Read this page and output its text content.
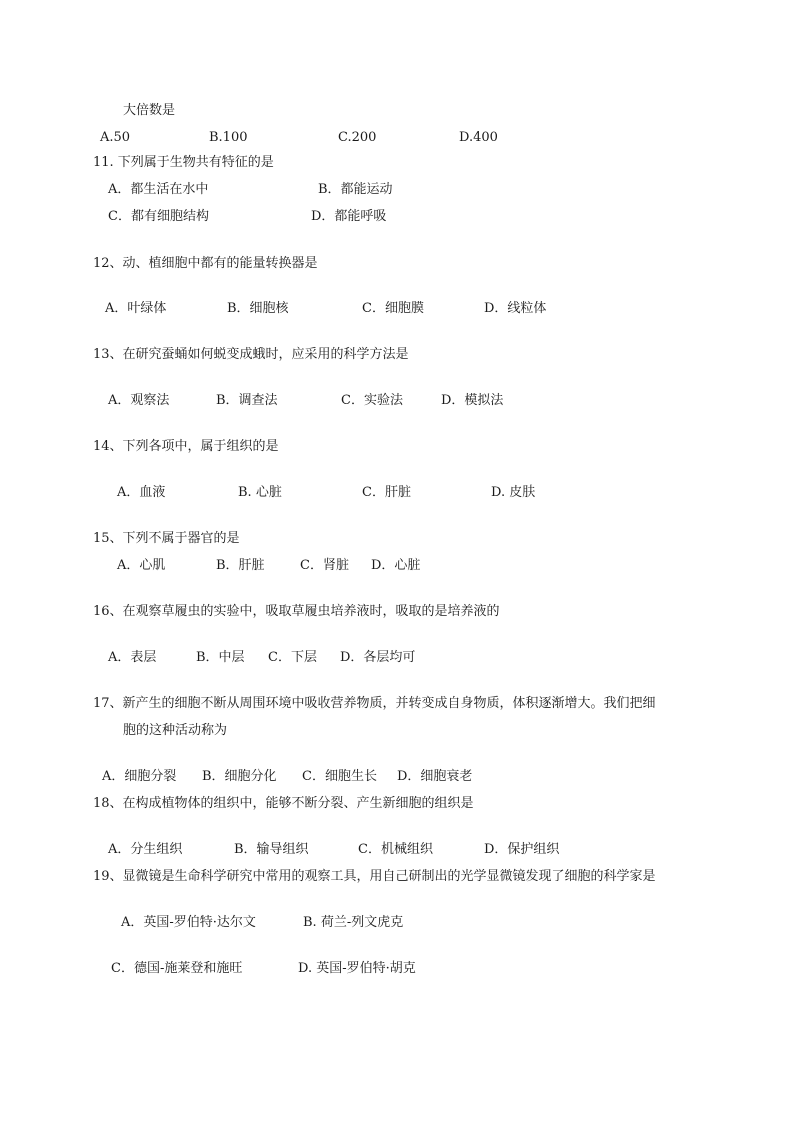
大倍数是
A.50	B.100	C.200	D.400
11. 下列属于生物共有特征的是
A．都生活在水中	B．都能运动
C．都有细胞结构	D．都能呼吸
12、动、植细胞中都有的能量转换器是
A．叶绿体	B．细胞核	C．细胞膜	D．线粒体
13、在研究蚕蛹如何蜕变成蛾时，应采用的科学方法是
A．观察法	B．调查法	C．实验法	D．模拟法
14、下列各项中，属于组织的是
A．血液	B. 心脏	C．肝脏	D. 皮肤
15、下列不属于器官的是
A．心肌	B．肝脏	C．肾脏 D．心脏
16、在观察草履虫的实验中，吸取草履虫培养液时，吸取的是培养液的
A．表层	B．中层 C．下层 D．各层均可
17、新产生的细胞不断从周围环境中吸收营养物质，并转变成自身物质，体积逐渐增大。我们把细
胞的这种活动称为
A．细胞分裂 B．细胞分化 C．细胞生长 D．细胞衰老
18、在构成植物体的组织中，能够不断分裂、产生新细胞的组织是
A．分生组织	B．输导组织	C．机械组织	D．保护组织
19、显微镜是生命科学研究中常用的观察工具，用自己研制出的光学显微镜发现了细胞的科学家是
A．英国-罗伯特·达尔文	B. 荷兰-列文虎克
C．德国-施莱登和施旺	D. 英国-罗伯特·胡克
